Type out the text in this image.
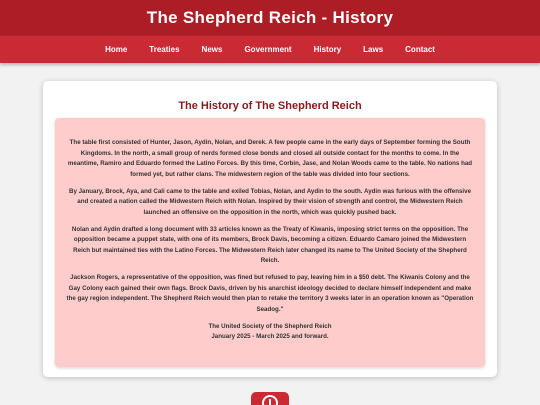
The Shepherd Reich - History
Home	Treaties	News	Government	History	Laws	Contact
The History of The Shepherd Reich

The table first consisted of Hunter, Jason, Aydin, Nolan, and Derek. A few people came in the early days of September forming the South Kingdoms. In the north, a small group of nerds formed close bonds and closed all outside contact for the months to come. In the meantime, Ramiro and Eduardo formed the Latino Forces. By this time, Corbin, Jase, and Nolan Woods came to the table. No nations had formed yet, but rather clans. The midwestern region of the table was divided into four sections.

By January, Brock, Aya, and Cali came to the table and exiled Tobias, Nolan, and Aydin to the south. Aydin was furious with the offensive and created a nation called the Midwestern Reich with Nolan. Inspired by their vision of strength and control, the Midwestern Reich launched an offensive on the opposition in the north, which was quickly pushed back.

Nolan and Aydin drafted a long document with 33 articles known as the Treaty of Kiwanis, imposing strict terms on the opposition. The opposition became a puppet state, with one of its members, Brock Davis, becoming a citizen. Eduardo Camaro joined the Midwestern Reich but maintained ties with the Latino Forces. The Midwestern Reich later changed its name to The United Society of the Shepherd Reich.

Jackson Rogers, a representative of the opposition, was fined but refused to pay, leaving him in a $50 debt. The Kiwanis Colony and the Gay Colony each gained their own flags. Brock Davis, driven by his anarchist ideology decided to declare himself independent and make the gay region independent. The Shepherd Reich would then plan to retake the territory 3 weeks later in an operation known as "Operation Seadog."

The United Society of the Shepherd Reich
January 2025 - March 2025 and forward.
